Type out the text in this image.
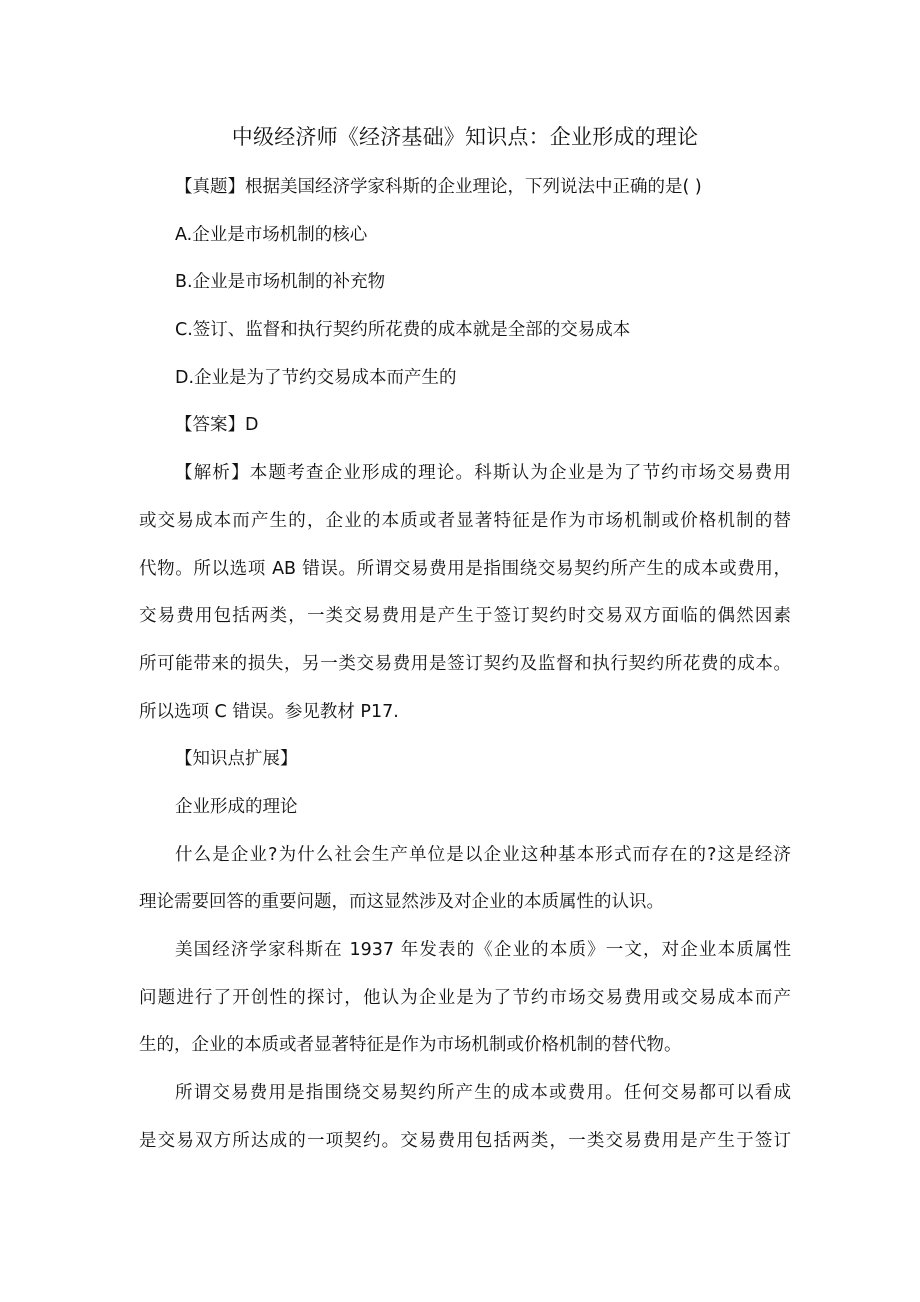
中级经济师《经济基础》知识点：企业形成的理论
【真题】根据美国经济学家科斯的企业理论，下列说法中正确的是( )
A.企业是市场机制的核心
B.企业是市场机制的补充物
C.签订、监督和执行契约所花费的成本就是全部的交易成本
D.企业是为了节约交易成本而产生的
【答案】D
【解析】本题考查企业形成的理论。科斯认为企业是为了节约市场交易费用
或交易成本而产生的，企业的本质或者显著特征是作为市场机制或价格机制的替
代物。所以选项 AB 错误。所谓交易费用是指围绕交易契约所产生的成本或费用，
交易费用包括两类，一类交易费用是产生于签订契约时交易双方面临的偶然因素
所可能带来的损失，另一类交易费用是签订契约及监督和执行契约所花费的成本。
所以选项 C 错误。参见教材 P17.
【知识点扩展】
企业形成的理论
什么是企业?为什么社会生产单位是以企业这种基本形式而存在的?这是经济
理论需要回答的重要问题，而这显然涉及对企业的本质属性的认识。
美国经济学家科斯在 1937 年发表的《企业的本质》一文，对企业本质属性
问题进行了开创性的探讨，他认为企业是为了节约市场交易费用或交易成本而产
生的，企业的本质或者显著特征是作为市场机制或价格机制的替代物。
所谓交易费用是指围绕交易契约所产生的成本或费用。任何交易都可以看成
是交易双方所达成的一项契约。交易费用包括两类，一类交易费用是产生于签订
